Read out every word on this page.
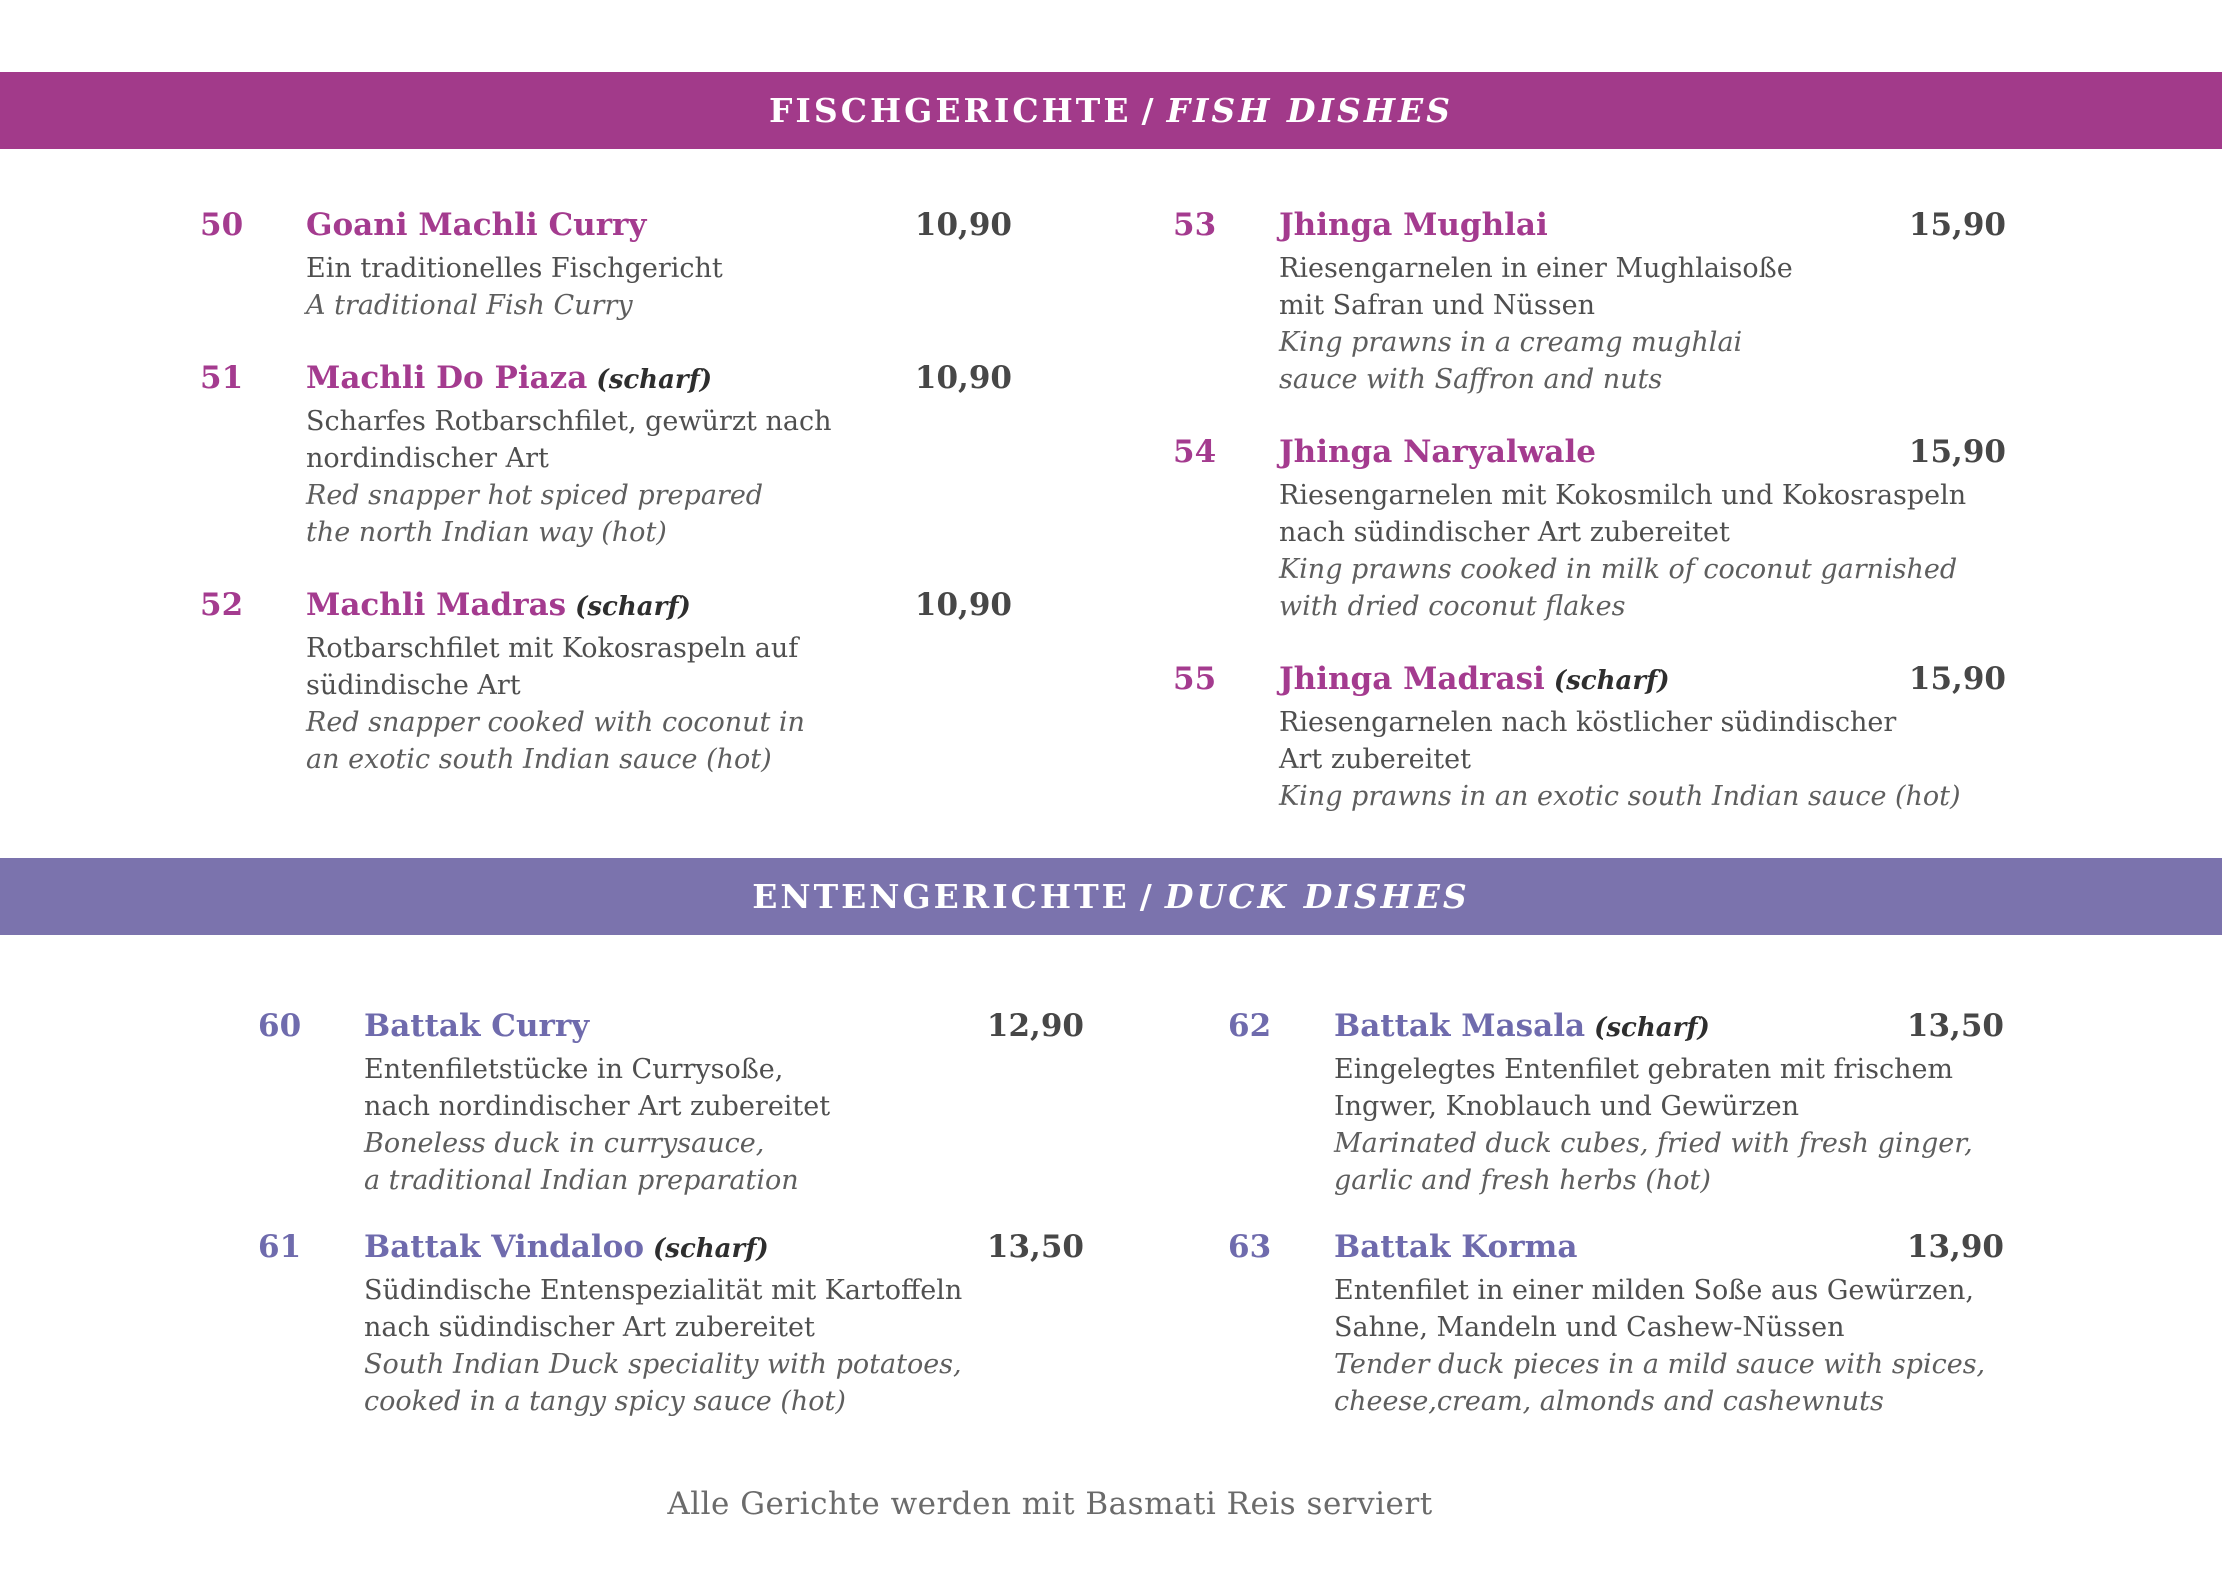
FISCHGERICHTE / FISH DISHES
50	Goani Machli Curry	10,90
Ein traditionelles Fischgericht
A traditional Fish Curry
51	Machli Do Piaza (scharf)	10,90
Scharfes Rotbarschfilet, gewürzt nach
nordindischer Art
Red snapper hot spiced prepared
the north Indian way (hot)
52	Machli Madras (scharf)	10,90
Rotbarschfilet mit Kokosraspeln auf
südindische Art
Red snapper cooked with coconut in
an exotic south Indian sauce (hot)
53	Jhinga Mughlai	15,90
Riesengarnelen in einer Mughlaisoße
mit Safran und Nüssen
King prawns in a creamg mughlai
sauce with Saffron and nuts
54	Jhinga Naryalwale	15,90
Riesengarnelen mit Kokosmilch und Kokosraspeln
nach südindischer Art zubereitet
King prawns cooked in milk of coconut garnished
with dried coconut flakes
55	Jhinga Madrasi (scharf)	15,90
Riesengarnelen nach köstlicher südindischer
Art zubereitet
King prawns in an exotic south Indian sauce (hot)
ENTENGERICHTE / DUCK DISHES
60	Battak Curry	12,90
Entenfiletstücke in Currysoße,
nach nordindischer Art zubereitet
Boneless duck in currysauce,
a traditional Indian preparation
61	Battak Vindaloo (scharf)	13,50
Südindische Entenspezialität mit Kartoffeln
nach südindischer Art zubereitet
South Indian Duck speciality with potatoes,
cooked in a tangy spicy sauce (hot)
62	Battak Masala (scharf)	13,50
Eingelegtes Entenfilet gebraten mit frischem
Ingwer, Knoblauch und Gewürzen
Marinated duck cubes, fried with fresh ginger,
garlic and fresh herbs (hot)
63	Battak Korma	13,90
Entenfilet in einer milden Soße aus Gewürzen,
Sahne, Mandeln und Cashew-Nüssen
Tender duck pieces in a mild sauce with spices,
cheese,cream, almonds and cashewnuts
Alle Gerichte werden mit Basmati Reis serviert
